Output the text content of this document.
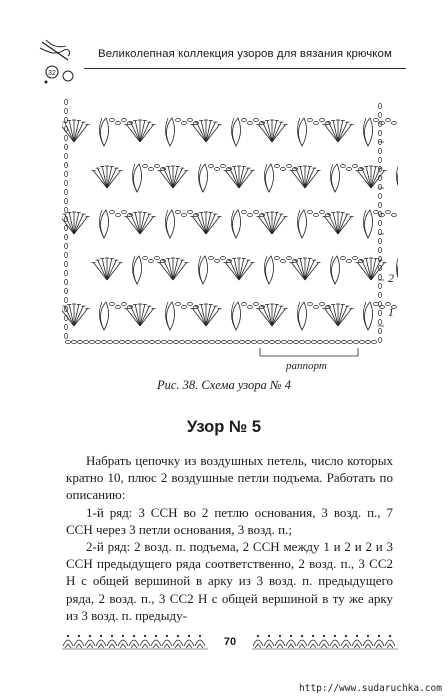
32
Великолепная коллекция узоров для вязания крючком
2
1
раппорт
Рис. 38. Схема узора № 4
Узор № 5

Набрать цепочку из воздушных петель, число которых кратно 10, плюс 2 воздушные петли подъема. Работать по описанию:

1-й ряд: 3 ССН во 2 петлю основания, 3 возд. п., 7 ССН через 3 петли основания, 3 возд. п.;

2-й ряд: 2 возд. п. подъема, 2 ССН между 1 и 2 и 2 и 3 ССН предыдущего ряда соответственно, 2 возд. п., 3 СС2 Н с общей вершиной в арку из 3 возд. п. предыдущего ряда, 2 возд. п., 3 СС2 Н с общей вершиной в ту же арку из 3 возд. п. предыду-

70
http://www.sudaruchka.com
